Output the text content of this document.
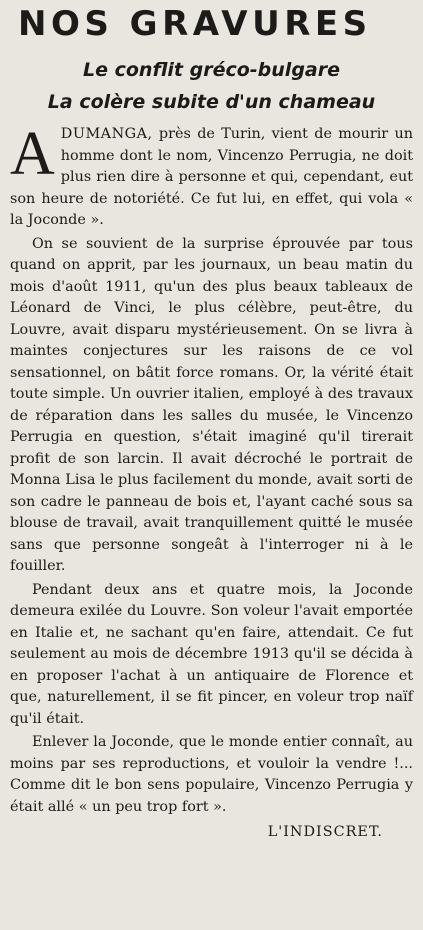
NOS GRAVURES
Le conflit gréco-bulgare
La colère subite d'un chameau

ADUMANGA, près de Turin, vient de mourir un homme dont le nom, Vincenzo Perrugia, ne doit plus rien dire à personne et qui, cependant, eut son heure de notoriété. Ce fut lui, en effet, qui vola « la Joconde ».

On se souvient de la surprise éprouvée par tous quand on apprit, par les journaux, un beau matin du mois d'août 1911, qu'un des plus beaux tableaux de Léonard de Vinci, le plus célèbre, peut-être, du Louvre, avait disparu mystérieusement. On se livra à maintes conjectures sur les raisons de ce vol sensationnel, on bâtit force romans. Or, la vérité était toute simple. Un ouvrier italien, employé à des travaux de réparation dans les salles du musée, le Vincenzo Perrugia en question, s'était imaginé qu'il tirerait profit de son larcin. Il avait décroché le portrait de Monna Lisa le plus facilement du monde, avait sorti de son cadre le panneau de bois et, l'ayant caché sous sa blouse de travail, avait tranquillement quitté le musée sans que personne songeât à l'interroger ni à le fouiller.

Pendant deux ans et quatre mois, la Joconde demeura exilée du Louvre. Son voleur l'avait emportée en Italie et, ne sachant qu'en faire, attendait. Ce fut seulement au mois de décembre 1913 qu'il se décida à en proposer l'achat à un antiquaire de Florence et que, naturellement, il se fit pincer, en voleur trop naïf qu'il était.

Enlever la Joconde, que le monde entier connaît, au moins par ses reproductions, et vouloir la vendre !... Comme dit le bon sens populaire, Vincenzo Perrugia y était allé « un peu trop fort ».

L'INDISCRET.
